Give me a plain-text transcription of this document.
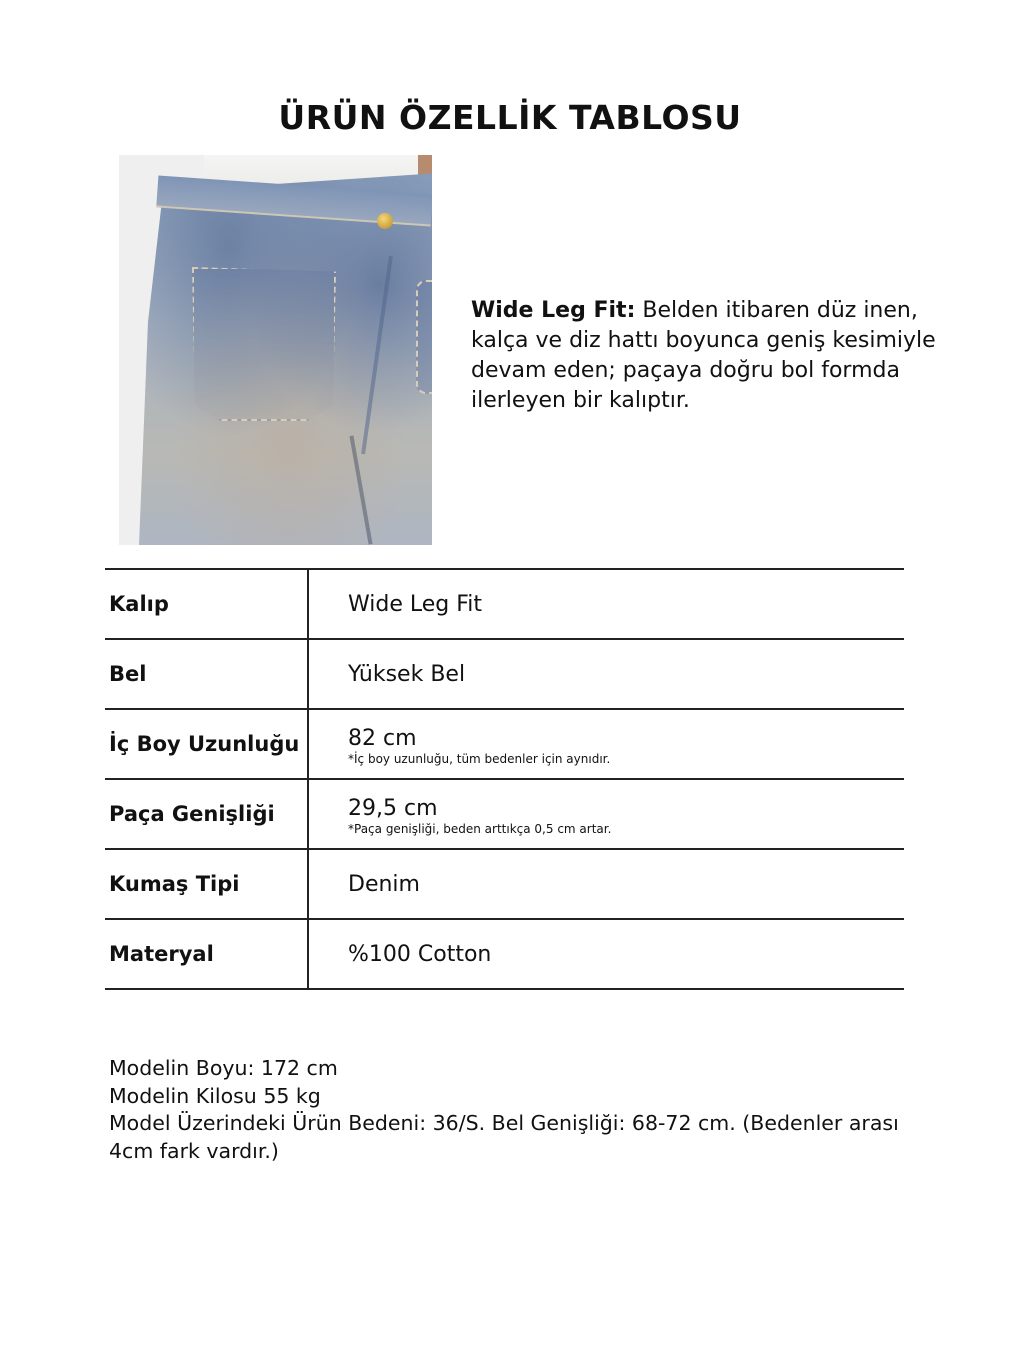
ÜRÜN ÖZELLİK TABLOSU
Wide Leg Fit: Belden itibaren düz inen, kalça ve diz hattı boyunca geniş kesimiyle devam eden; paçaya doğru bol formda ilerleyen bir kalıptır.
Kalıp	Wide Leg Fit
Bel	Yüksek Bel
İç Boy Uzunluğu 82 cm
*İç boy uzunluğu, tüm bedenler için aynıdır.
Paça Genişliği	29,5 cm
*Paça genişliği, beden arttıkça 0,5 cm artar.
Kumaş Tipi	Denim
Materyal	%100 Cotton
Modelin Boyu: 172 cm
Modelin Kilosu 55 kg
Model Üzerindeki Ürün Bedeni: 36/S. Bel Genişliği: 68-72 cm. (Bedenler arası 4cm fark vardır.)
